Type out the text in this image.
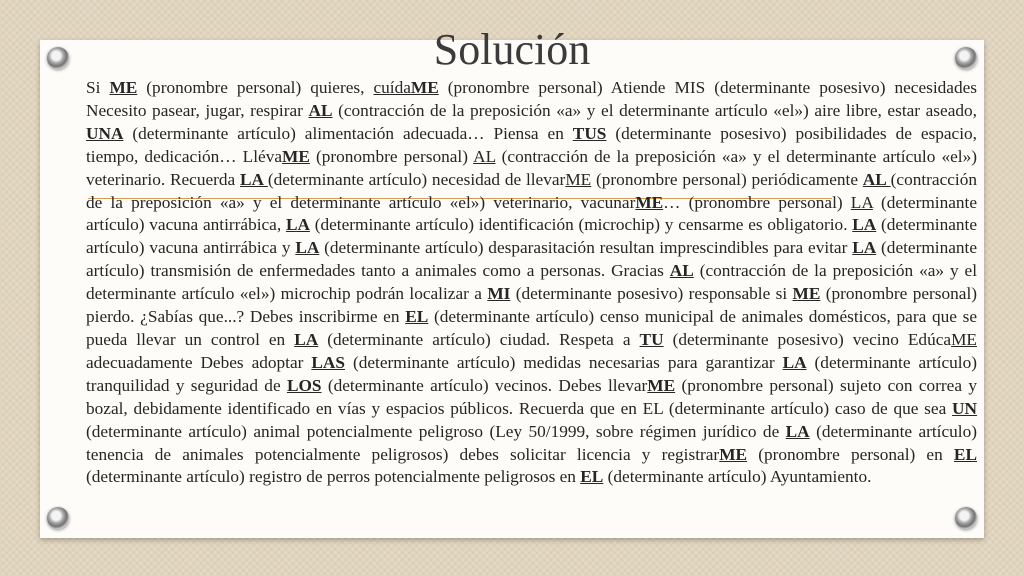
Solución
Si ME (pronombre personal) quieres, cuídaME (pronombre personal) Atiende MIS (determinante posesivo) necesidades Necesito pasear, jugar, respirar AL (contracción de la preposición «a» y el determinante artículo «el») aire libre, estar aseado, UNA (determinante artículo) alimentación adecuada… Piensa en TUS (determinante posesivo) posibilidades de espacio, tiempo, dedicación… LlévaME (pronombre personal) AL (contracción de la preposición «a» y el determinante artículo «el») veterinario. Recuerda LA (determinante artículo) necesidad de llevarME (pronombre personal) periódicamente AL (contracción de la preposición «a» y el determinante artículo «el») veterinario, vacunarME… (pronombre personal) LA (determinante artículo) vacuna antirrábica, LA (determinante artículo) identificación (microchip) y censarme es obligatorio. LA (determinante artículo) vacuna antirrábica y LA (determinante artículo) desparasitación resultan imprescindibles para evitar LA (determinante artículo) transmisión de enfermedades tanto a animales como a personas. Gracias AL (contracción de la preposición «a» y el determinante artículo «el») microchip podrán localizar a MI (determinante posesivo) responsable si ME (pronombre personal) pierdo. ¿Sabías que...? Debes inscribirme en EL (determinante artículo) censo municipal de animales domésticos, para que se pueda llevar un control en LA (determinante artículo) ciudad. Respeta a TU (determinante posesivo) vecino EdúcaME adecuadamente Debes adoptar LAS (determinante artículo) medidas necesarias para garantizar LA (determinante artículo) tranquilidad y seguridad de LOS (determinante artículo) vecinos. Debes llevarME (pronombre personal) sujeto con correa y bozal, debidamente identificado en vías y espacios públicos. Recuerda que en EL (determinante artículo) caso de que sea UN (determinante artículo) animal potencialmente peligroso (Ley 50/1999, sobre régimen jurídico de LA (determinante artículo) tenencia de animales potencialmente peligrosos) debes solicitar licencia y registrarME (pronombre personal) en EL (determinante artículo) registro de perros potencialmente peligrosos en EL (determinante artículo) Ayuntamiento.
